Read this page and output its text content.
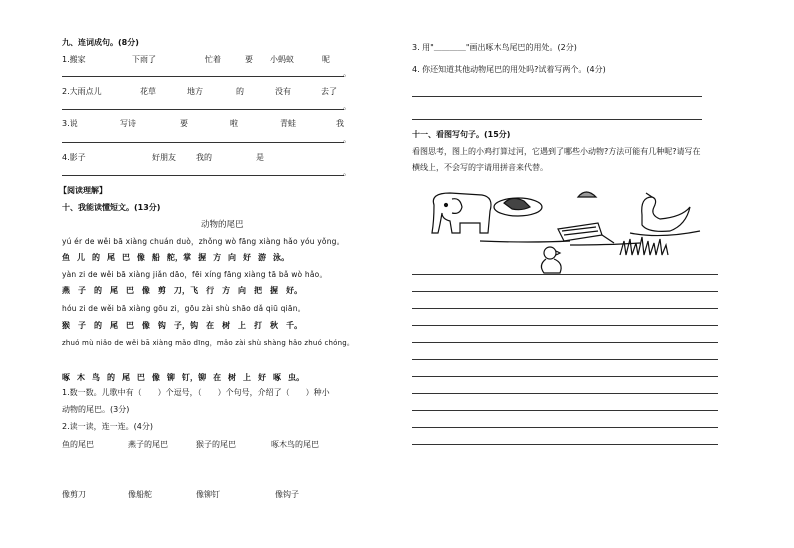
九、连词成句。(8分)
1.搬家	下雨了	忙着	要 小蚂蚁	呢
。
2.大雨点儿	花草	地方	的	没有	去了
。
3.说	写诗	要	啦	青蛙	我
。
4.影子	好朋友	我的	是
。
【阅读理解】
十、我能读懂短文。(13分)
动物的尾巴
yú ér de wěi bā xiàng chuán duò，zhǒng wò fāng xiàng hǎo yóu yǒng。
鱼 儿 的 尾 巴 像 船 舵，掌 握 方 向 好 游 泳。
yàn zi de wěi bā xiàng jiǎn dāo，fēi xíng fāng xiàng tā bǎ wò hǎo。
燕 子 的 尾 巴 像 剪 刀，飞 行 方 向 把 握 好。
hóu zi de wěi bā xiàng gōu zi，gōu zài shù shāo dǎ qiū qiān。
猴 子 的 尾 巴 像 钩 子，钩 在 树 上 打 秋 千。
zhuó mù niǎo de wěi bā xiàng mǎo dīng，mǎo zài shù shàng hǎo zhuó chóng。
啄 木 鸟 的 尾 巴 像 铆 钉，铆 在 树 上 好 啄 虫。
1.数一数。儿歌中有（　　）个逗号，（　　）个句号，介绍了（　　）种小
动物的尾巴。(3分)
2.读一读，连一连。(4分)
鱼的尾巴	燕子的尾巴	猴子的尾巴	啄木鸟的尾巴
像剪刀	像船舵	像铆钉	像钩子
3. 用"＿＿＿＿"画出啄木鸟尾巴的用处。(2分)
4. 你还知道其他动物尾巴的用处吗?试着写两个。(4分)
十一、看图写句子。(15分)
看图思考，图上的小鸡打算过河，它遇到了哪些小动物?方法可能有几种呢?请写在
横线上，不会写的字请用拼音来代替。
